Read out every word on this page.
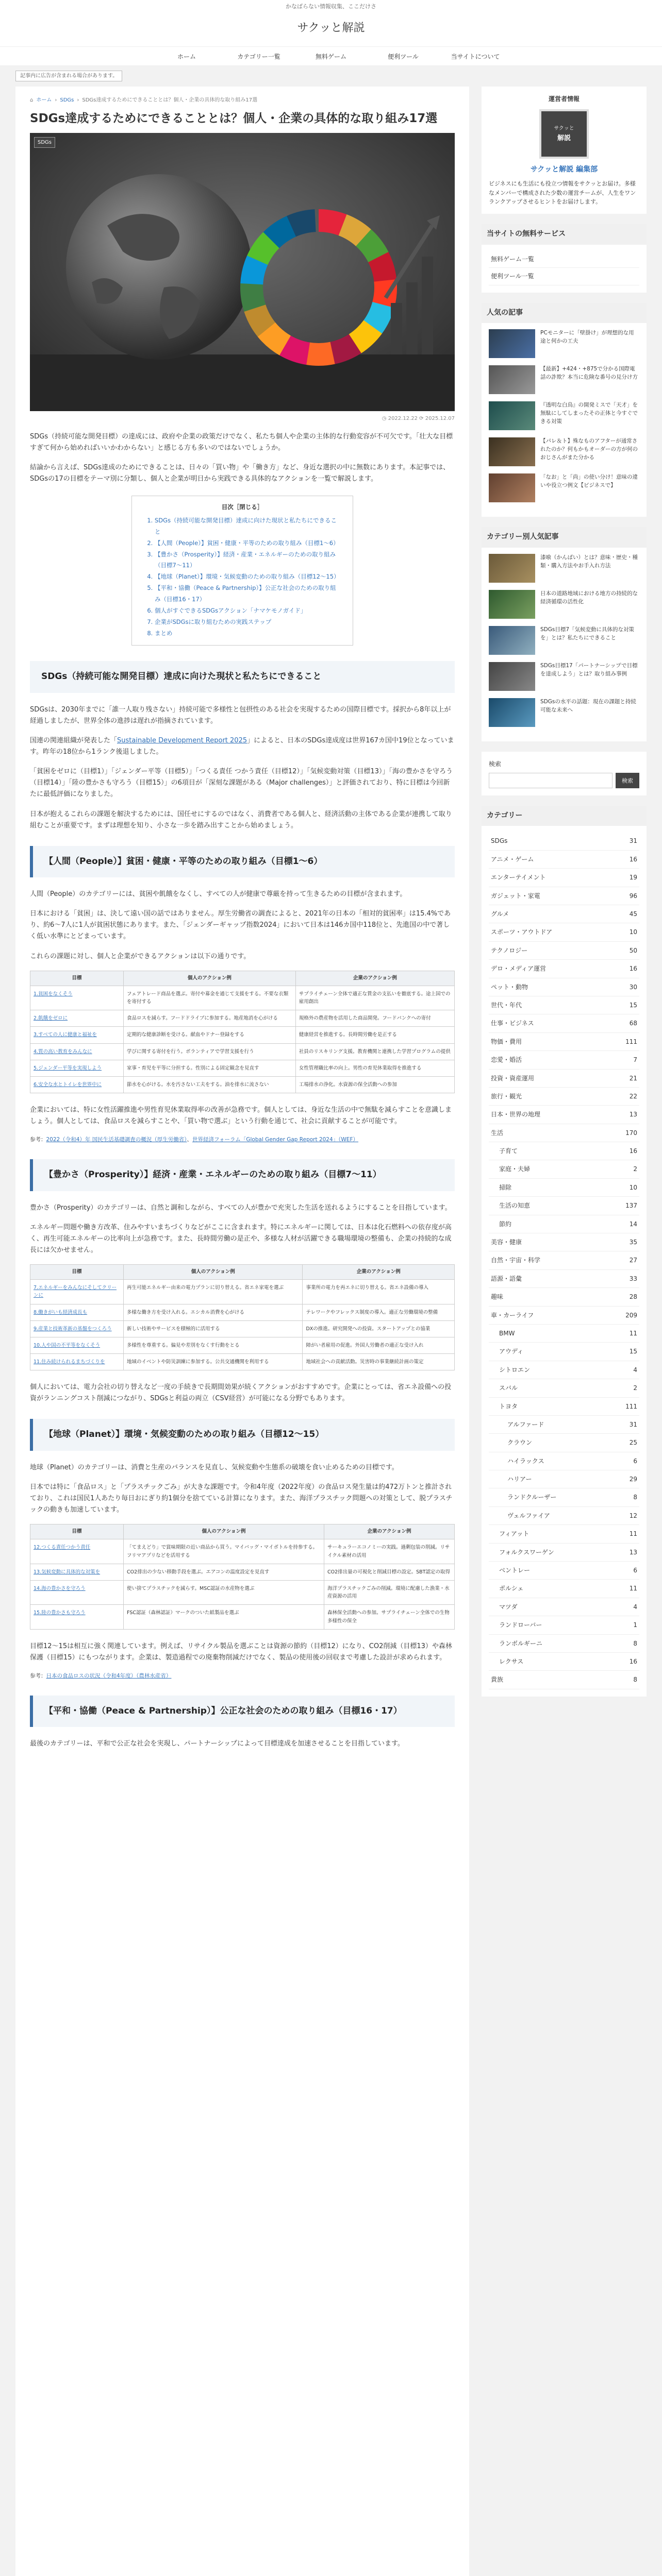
かなばらない情報収集、ここだけさ
サクッと解説
ホーム	カテゴリー一覧	無料ゲーム	便利ツール	当サイトについて
記事内に広告が含まれる場合があります。
⌂ ホーム › SDGs › SDGs達成するためにできることとは？個人・企業の具体的な取り組み17選
SDGs達成するためにできることとは？個人・企業の具体的な取り組み17選
SDGs
◷ 2022.12.22 ⟳ 2025.12.07

SDGs（持続可能な開発目標）の達成には、政府や企業の政策だけでなく、私たち個人や企業の主体的な行動変容が不可欠です。「壮大な目標すぎて何から始めればいいかわからない」と感じる方も多いのではないでしょうか。

結論から言えば、SDGs達成のためにできることは、日々の「買い物」や「働き方」など、身近な選択の中に無数にあります。本記事では、SDGsの17の目標をテーマ別に分類し、個人と企業が明日から実践できる具体的なアクションを一覧で解説します。

目次［閉じる］
1. SDGs（持続可能な開発目標）達成に向けた現状と私たちにできること
2. 【人間（People）】貧困・健康・平等のための取り組み（目標1〜6）
3. 【豊かさ（Prosperity）】経済・産業・エネルギーのための取り組み（目標7〜11）
4. 【地球（Planet）】環境・気候変動のための取り組み（目標12〜15）
5. 【平和・協働（Peace & Partnership）】公正な社会のための取り組み（目標16・17）
6. 個人がすぐできるSDGsアクション「ナマケモノガイド」
7. 企業がSDGsに取り組むための実践ステップ
8. まとめ
SDGs（持続可能な開発目標）達成に向けた現状と私たちにできること

SDGsは、2030年までに「誰一人取り残さない」持続可能で多様性と包摂性のある社会を実現するための国際目標です。採択から8年以上が経過しましたが、世界全体の進捗は遅れが指摘されています。

国連の関連組織が発表した「Sustainable Development Report 2025」によると、日本のSDGs達成度は世界167カ国中19位となっています。昨年の18位から1ランク後退しました。

「貧困をゼロに（目標1）」「ジェンダー平等（目標5）」「つくる責任 つかう責任（目標12）」「気候変動対策（目標13）」「海の豊かさを守ろう（目標14）」「陸の豊かさも守ろう（目標15）」の6項目が「深刻な課題がある（Major challenges）」と評価されており、特に目標は今回新たに最低評価になりました。

日本が抱えるこれらの課題を解決するためには、国任せにするのではなく、消費者である個人と、経済活動の主体である企業が連携して取り組むことが重要です。まずは理想を知り、小さな一歩を踏み出すことから始めましょう。

【人間（People）】貧困・健康・平等のための取り組み（目標1〜6）

人間（People）のカテゴリーには、貧困や飢餓をなくし、すべての人が健康で尊厳を持って生きるための目標が含まれます。

日本における「貧困」は、決して遠い国の話ではありません。厚生労働省の調査によると、2021年の日本の「相対的貧困率」は15.4%であり、約6〜7人に1人が貧困状態にあります。また、「ジェンダーギャップ指数2024」において日本は146カ国中118位と、先進国の中で著しく低い水準にとどまっています。

これらの課題に対し、個人と企業ができるアクションは以下の通りです。

目標	個人のアクション例	企業のアクション例
1.貧困をなくそう	フェアトレード商品を選ぶ。寄付や募金を通じて支援をする。不要な衣類を寄付する	サプライチェーン全体で適正な賃金の支払いを徹底する。途上国での雇用創出
2.飢餓をゼロに	食品ロスを減らす。フードドライブに参加する。地産地消を心がける	規格外の農産物を活用した商品開発。フードバンクへの寄付
3.すべての人に健康と福祉を	定期的な健康診断を受ける。献血やドナー登録をする	健康経営を推進する。長時間労働を是正する
4.質の高い教育をみんなに	学びに関する寄付を行う。ボランティアで学習支援を行う	社員のリスキリング支援。教育機関と連携した学習プログラムの提供
5.ジェンダー平等を実現しよう	家事・育児を平等に分担する。性別による固定観念を見直す	女性管理職比率の向上。男性の育児休業取得を推進する
6.安全な水とトイレを世界中に	節水を心がける。水を汚さない工夫をする。油を排水に流さない	工場排水の浄化。水資源の保全活動への参加

企業においては、特に女性活躍推進や男性育児休業取得率の改善が急務です。個人としては、身近な生活の中で無駄を減らすことを意識しましょう。個人としては、食品ロスを減らすことや、「買い物で選ぶ」という行動を通じて、社会に貢献することが可能です。

参考：2022（令和4）年 国民生活基礎調査の概況（厚生労働省）、世界経済フォーラム「Global Gender Gap Report 2024」（WEF）
【豊かさ（Prosperity）】経済・産業・エネルギーのための取り組み（目標7〜11）

豊かさ（Prosperity）のカテゴリーは、自然と調和しながら、すべての人が豊かで充実した生活を送れるようにすることを目指しています。

エネルギー問題や働き方改革、住みやすいまちづくりなどがここに含まれます。特にエネルギーに関しては、日本は化石燃料への依存度が高く、再生可能エネルギーの比率向上が急務です。また、長時間労働の是正や、多様な人材が活躍できる職場環境の整備も、企業の持続的な成長には欠かせません。

目標	個人のアクション例	企業のアクション例
7.エネルギーをみんなにそしてクリーンに	再生可能エネルギー由来の電力プランに切り替える。省エネ家電を選ぶ	事業所の電力を再エネに切り替える。省エネ設備の導入
8.働きがいも経済成長も	多様な働き方を受け入れる。エシカル消費を心がける	テレワークやフレックス制度の導入。適正な労働環境の整備
9.産業と技術革新の基盤をつくろう	新しい技術やサービスを積極的に活用する	DXの推進。研究開発への投資。スタートアップとの協業
10.人や国の不平等をなくそう	多様性を尊重する。偏見や差別をなくす行動をとる	障がい者雇用の促進。外国人労働者の適正な受け入れ
11.住み続けられるまちづくりを	地域のイベントや防災訓練に参加する。公共交通機関を利用する	地域社会への貢献活動。災害時の事業継続計画の策定

個人においては、電力会社の切り替えなど一度の手続きで長期間効果が続くアクションがおすすめです。企業にとっては、省エネ設備への投資がランニングコスト削減につながり、SDGsと利益の両立（CSV経営）が可能になる分野でもあります。

【地球（Planet）】環境・気候変動のための取り組み（目標12〜15）

地球（Planet）のカテゴリーは、消費と生産のバランスを見直し、気候変動や生態系の破壊を食い止めるための目標です。

日本では特に「食品ロス」と「プラスチックごみ」が大きな課題です。令和4年度（2022年度）の食品ロス発生量は約472万トンと推計されており、これは国民1人あたり毎日おにぎり約1個分を捨てている計算になります。また、海洋プラスチック問題への対策として、脱プラスチックの動きも加速しています。

目標	個人のアクション例	企業のアクション例
12.つくる責任つかう責任	「てまえどり」で賞味期限の近い商品から買う。マイバッグ・マイボトルを持参する。フリマアプリなどを活用する	サーキュラーエコノミーの実践。過剰包装の削減。リサイクル素材の活用
13.気候変動に具体的な対策を	CO2排出の少ない移動手段を選ぶ。エアコンの温度設定を見直す	CO2排出量の可視化と削減目標の設定。SBT認定の取得
14.海の豊かさを守ろう	使い捨てプラスチックを減らす。MSC認証の水産物を選ぶ	海洋プラスチックごみの削減。環境に配慮した漁業・水産資源の活用
15.陸の豊かさも守ろう	FSC認証（森林認証）マークのついた紙製品を選ぶ	森林保全活動への参加。サプライチェーン全体での生物多様性の保全

目標12〜15は相互に強く関連しています。例えば、リサイクル製品を選ぶことは資源の節約（目標12）になり、CO2削減（目標13）や森林保護（目標15）にもつながります。企業は、製造過程での廃棄物削減だけでなく、製品の使用後の回収まで考慮した設計が求められます。

参考：日本の食品ロスの状況（令和4年度）（農林水産省）
【平和・協働（Peace & Partnership）】公正な社会のための取り組み（目標16・17）

最後のカテゴリーは、平和で公正な社会を実現し、パートナーシップによって目標達成を加速させることを目指しています。

運営者情報
サクッと
解説
サクッと解説 編集部
ビジネスにも生活にも役立つ情報をサクッとお届け。多様なメンバーで構成された少数の運営チームが、人生をワンランクアップさせるヒントをお届けします。
当サイトの無料サービス
無料ゲーム一覧
便利ツール一覧
人気の記事
PCモニターに「壁掛け」が理想的な用途と何かの工夫
【最新】+424・+875で分かる国際電話の詐欺？本当に危険な番号の見分け方
『透明な白鳥』の開発ミスで「天才」を無駄にしてしまったその正体と今すぐできる対策
【パレ＆ト】殊なものアフターが通常されたのか？何もかもオーダーの方が何のおじさんがまた分かる
「なお」と「尚」の使い分け！意味の違いや役立つ例文【ビジネスで】
カテゴリー別人気記事
漆喰（かんぱい）とは？意味・歴史・種類・購入方法やお手入れ方法
日本の道路地域における地方の持続的な経済循環の活性化
SDGs目標7「気候変動に具体的な対策を」とは？私たちにできること
SDGs目標17「パートナーシップで目標を達成しよう」とは？取り組み事例
SDGsの水平の話題：現在の課題と持続可能な未来へ
検索
検索
カテゴリー
SDGs	31
アニメ・ゲーム	16
エンターテイメント	19
ガジェット・家電	96
グルメ	45
スポーツ・アウトドア	10
テクノロジー	50
デロ・メディア運営	16
ペット・動物	30
世代・年代	15
仕事・ビジネス	68
物価・費用	111
恋愛・婚活	7
投資・資産運用	21
旅行・観光	22
日本・世界の地理	13
生活	170
子育て	16
家庭・夫婦	2
掃除	10
生活の知恵	137
節約	14
美容・健康	35
自然・宇宙・科学	27
語源・語彙	33
趣味	28
車・カーライフ	209
BMW	11
アウディ	15
シトロエン	4
スバル	2
トヨタ	111
アルファード	31
クラウン	25
ハイラックス	6
ハリアー	29
ランドクルーザー	8
ヴェルファイア	12
フィアット	11
フォルクスワーゲン	13
ベントレー	6
ポルシェ	11
マツダ	4
ランドローバー	1
ランボルギーニ	8
レクサス	16
貴族	8
